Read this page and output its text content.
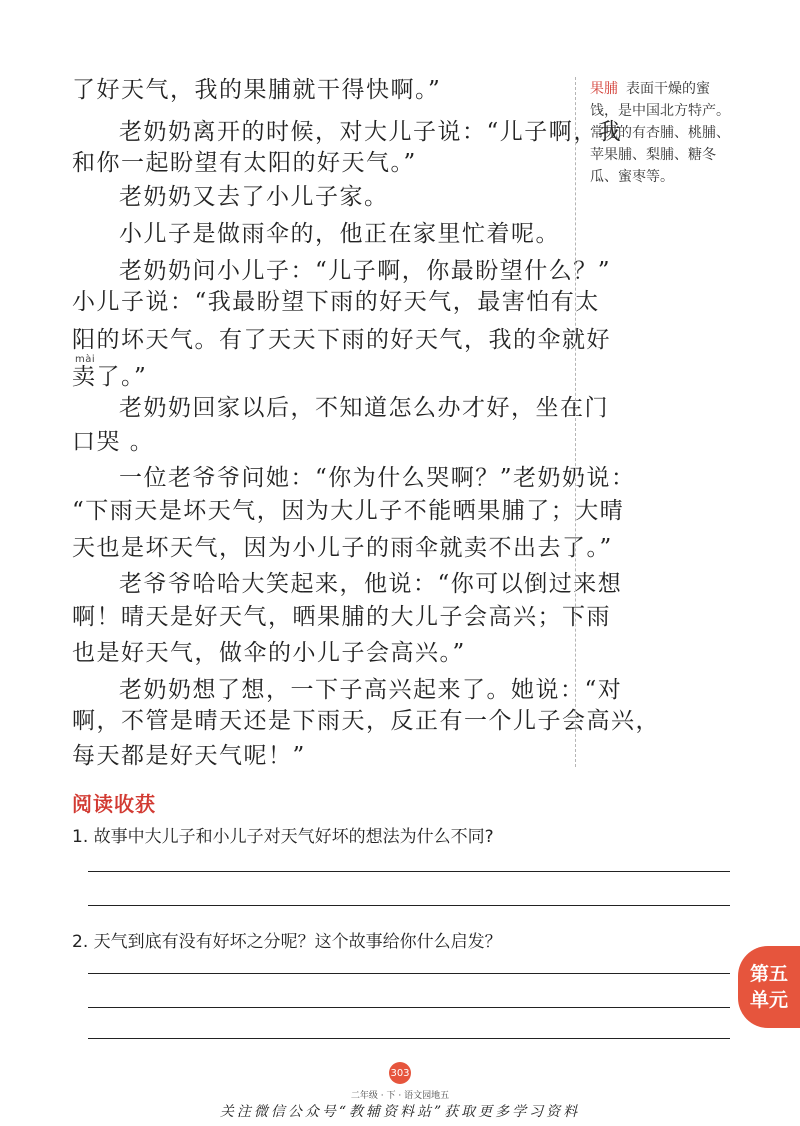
了好天气，我的果脯就干得快啊。”
老奶奶离开的时候，对大儿子说：“儿子啊，我
和你一起盼望有太阳的好天气。”
老奶奶又去了小儿子家。
小儿子是做雨伞的，他正在家里忙着呢。
老奶奶问小儿子：“儿子啊，你最盼望什么？”
小儿子说：“我最盼望下雨的好天气，最害怕有太
阳的坏天气。有了天天下雨的好天气，我的伞就好
mài
卖了。”
老奶奶回家以后，不知道怎么办才好，坐在门
口哭 。
一位老爷爷问她：“你为什么哭啊？”老奶奶说：
“下雨天是坏天气，因为大儿子不能晒果脯了；大晴
天也是坏天气，因为小儿子的雨伞就卖不出去了。”
老爷爷哈哈大笑起来，他说：“你可以倒过来想
啊！晴天是好天气，晒果脯的大儿子会高兴；下雨
也是好天气，做伞的小儿子会高兴。”
老奶奶想了想，一下子高兴起来了。她说：“对
啊，不管是晴天还是下雨天，反正有一个儿子会高兴，
每天都是好天气呢！”
果脯 表面干燥的蜜饯，是中国北方特产。常见的有杏脯、桃脯、苹果脯、梨脯、糖冬瓜、蜜枣等。
阅读收获
1. 故事中大儿子和小儿子对天气好坏的想法为什么不同?
2. 天气到底有没有好坏之分呢？这个故事给你什么启发？
第五
单元
303
二年级 · 下 · 语文园地五
关注微信公众号“教辅资料站”获取更多学习资料
